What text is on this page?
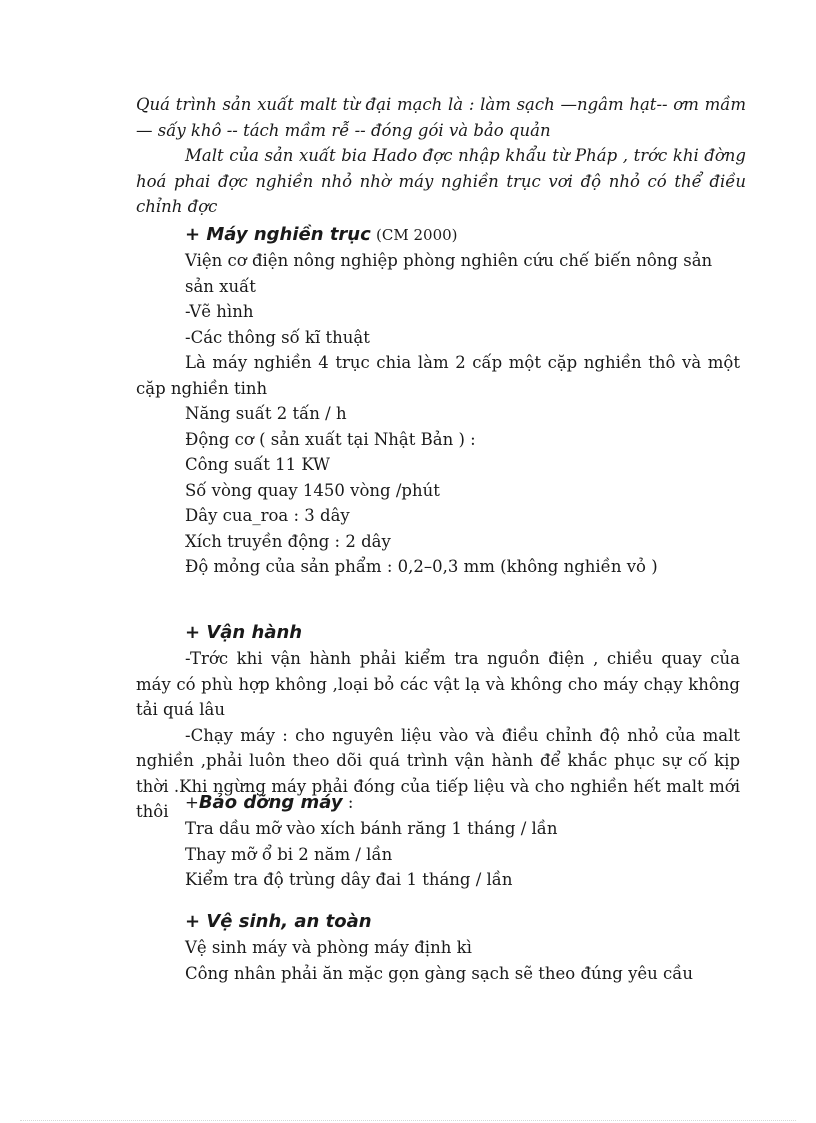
Quá trình sản xuất malt từ đại mạch là : làm sạch —ngâm hạt-- ơm mầm — sấy khô -- tách mầm rễ -- đóng gói và bảo quản

Malt của sản xuất bia Hado đợc nhập khẩu từ Pháp , trớc khi đờng hoá phai đợc nghiền nhỏ nhờ máy nghiền trục vơi độ nhỏ có thể điều chỉnh đợc

+ Máy nghiền trục (CM 2000)

Viện cơ điện nông nghiệp phòng nghiên cứu chế biến nông sản sản xuất

-Vẽ hình

-Các thông số kĩ thuật

Là máy nghiền 4 trục chia làm 2 cấp một cặp nghiền thô và một cặp nghiền tinh

Năng suất 2 tấn / h

Động cơ ( sản xuất tại Nhật Bản ) :

Công suất 11 KW

Số vòng quay 1450 vòng /phút

Dây cua_roa : 3 dây

Xích truyền động : 2 dây

Độ mỏng của sản phẩm : 0,2–0,3 mm (không nghiền vỏ )

+ Vận hành

-Trớc khi vận hành phải kiểm tra nguồn điện , chiều quay của máy có phù hợp không ,loại bỏ các vật lạ và không cho máy chạy không tải quá lâu

-Chạy máy : cho nguyên liệu vào và điều chỉnh độ nhỏ của malt nghiền ,phải luôn theo dõi quá trình vận hành để khắc phục sự cố kịp thời .Khi ngừng máy phải đóng của tiếp liệu và cho nghiền hết malt mới thôi	+Bảo dỡng máy :

Tra dầu mỡ vào xích bánh răng 1 tháng / lần

Thay mỡ ổ bi 2 năm / lần

Kiểm tra độ trùng dây đai 1 tháng / lần

+ Vệ sinh, an toàn

Vệ sinh máy và phòng máy định kì

Công nhân phải ăn mặc gọn gàng sạch sẽ theo đúng yêu cầu
